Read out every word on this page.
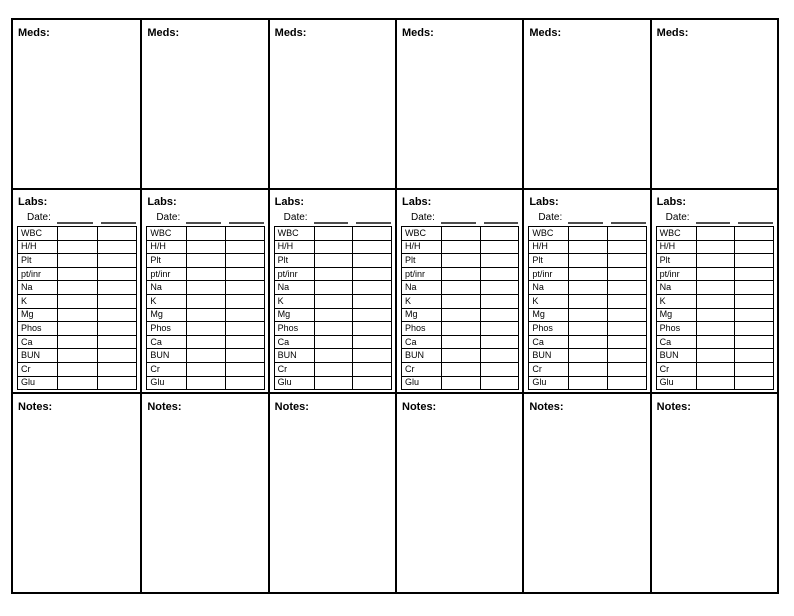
Meds:
Labs:
Date:
WBC		
H/H		
Plt		
pt/inr		
Na		
K		
Mg		
Phos		
Ca		
BUN		
Cr		
Glu		
Notes:
Meds:
Labs:
Date:
WBC		
H/H		
Plt		
pt/inr		
Na		
K		
Mg		
Phos		
Ca		
BUN		
Cr		
Glu		
Notes:
Meds:
Labs:
Date:
WBC		
H/H		
Plt		
pt/inr		
Na		
K		
Mg		
Phos		
Ca		
BUN		
Cr		
Glu		
Notes:
Meds:
Labs:
Date:
WBC		
H/H		
Plt		
pt/inr		
Na		
K		
Mg		
Phos		
Ca		
BUN		
Cr		
Glu		
Notes:
Meds:
Labs:
Date:
WBC		
H/H		
Plt		
pt/inr		
Na		
K		
Mg		
Phos		
Ca		
BUN		
Cr		
Glu		
Notes:
Meds:
Labs:
Date:
WBC		
H/H		
Plt		
pt/inr		
Na		
K		
Mg		
Phos		
Ca		
BUN		
Cr		
Glu		
Notes:
